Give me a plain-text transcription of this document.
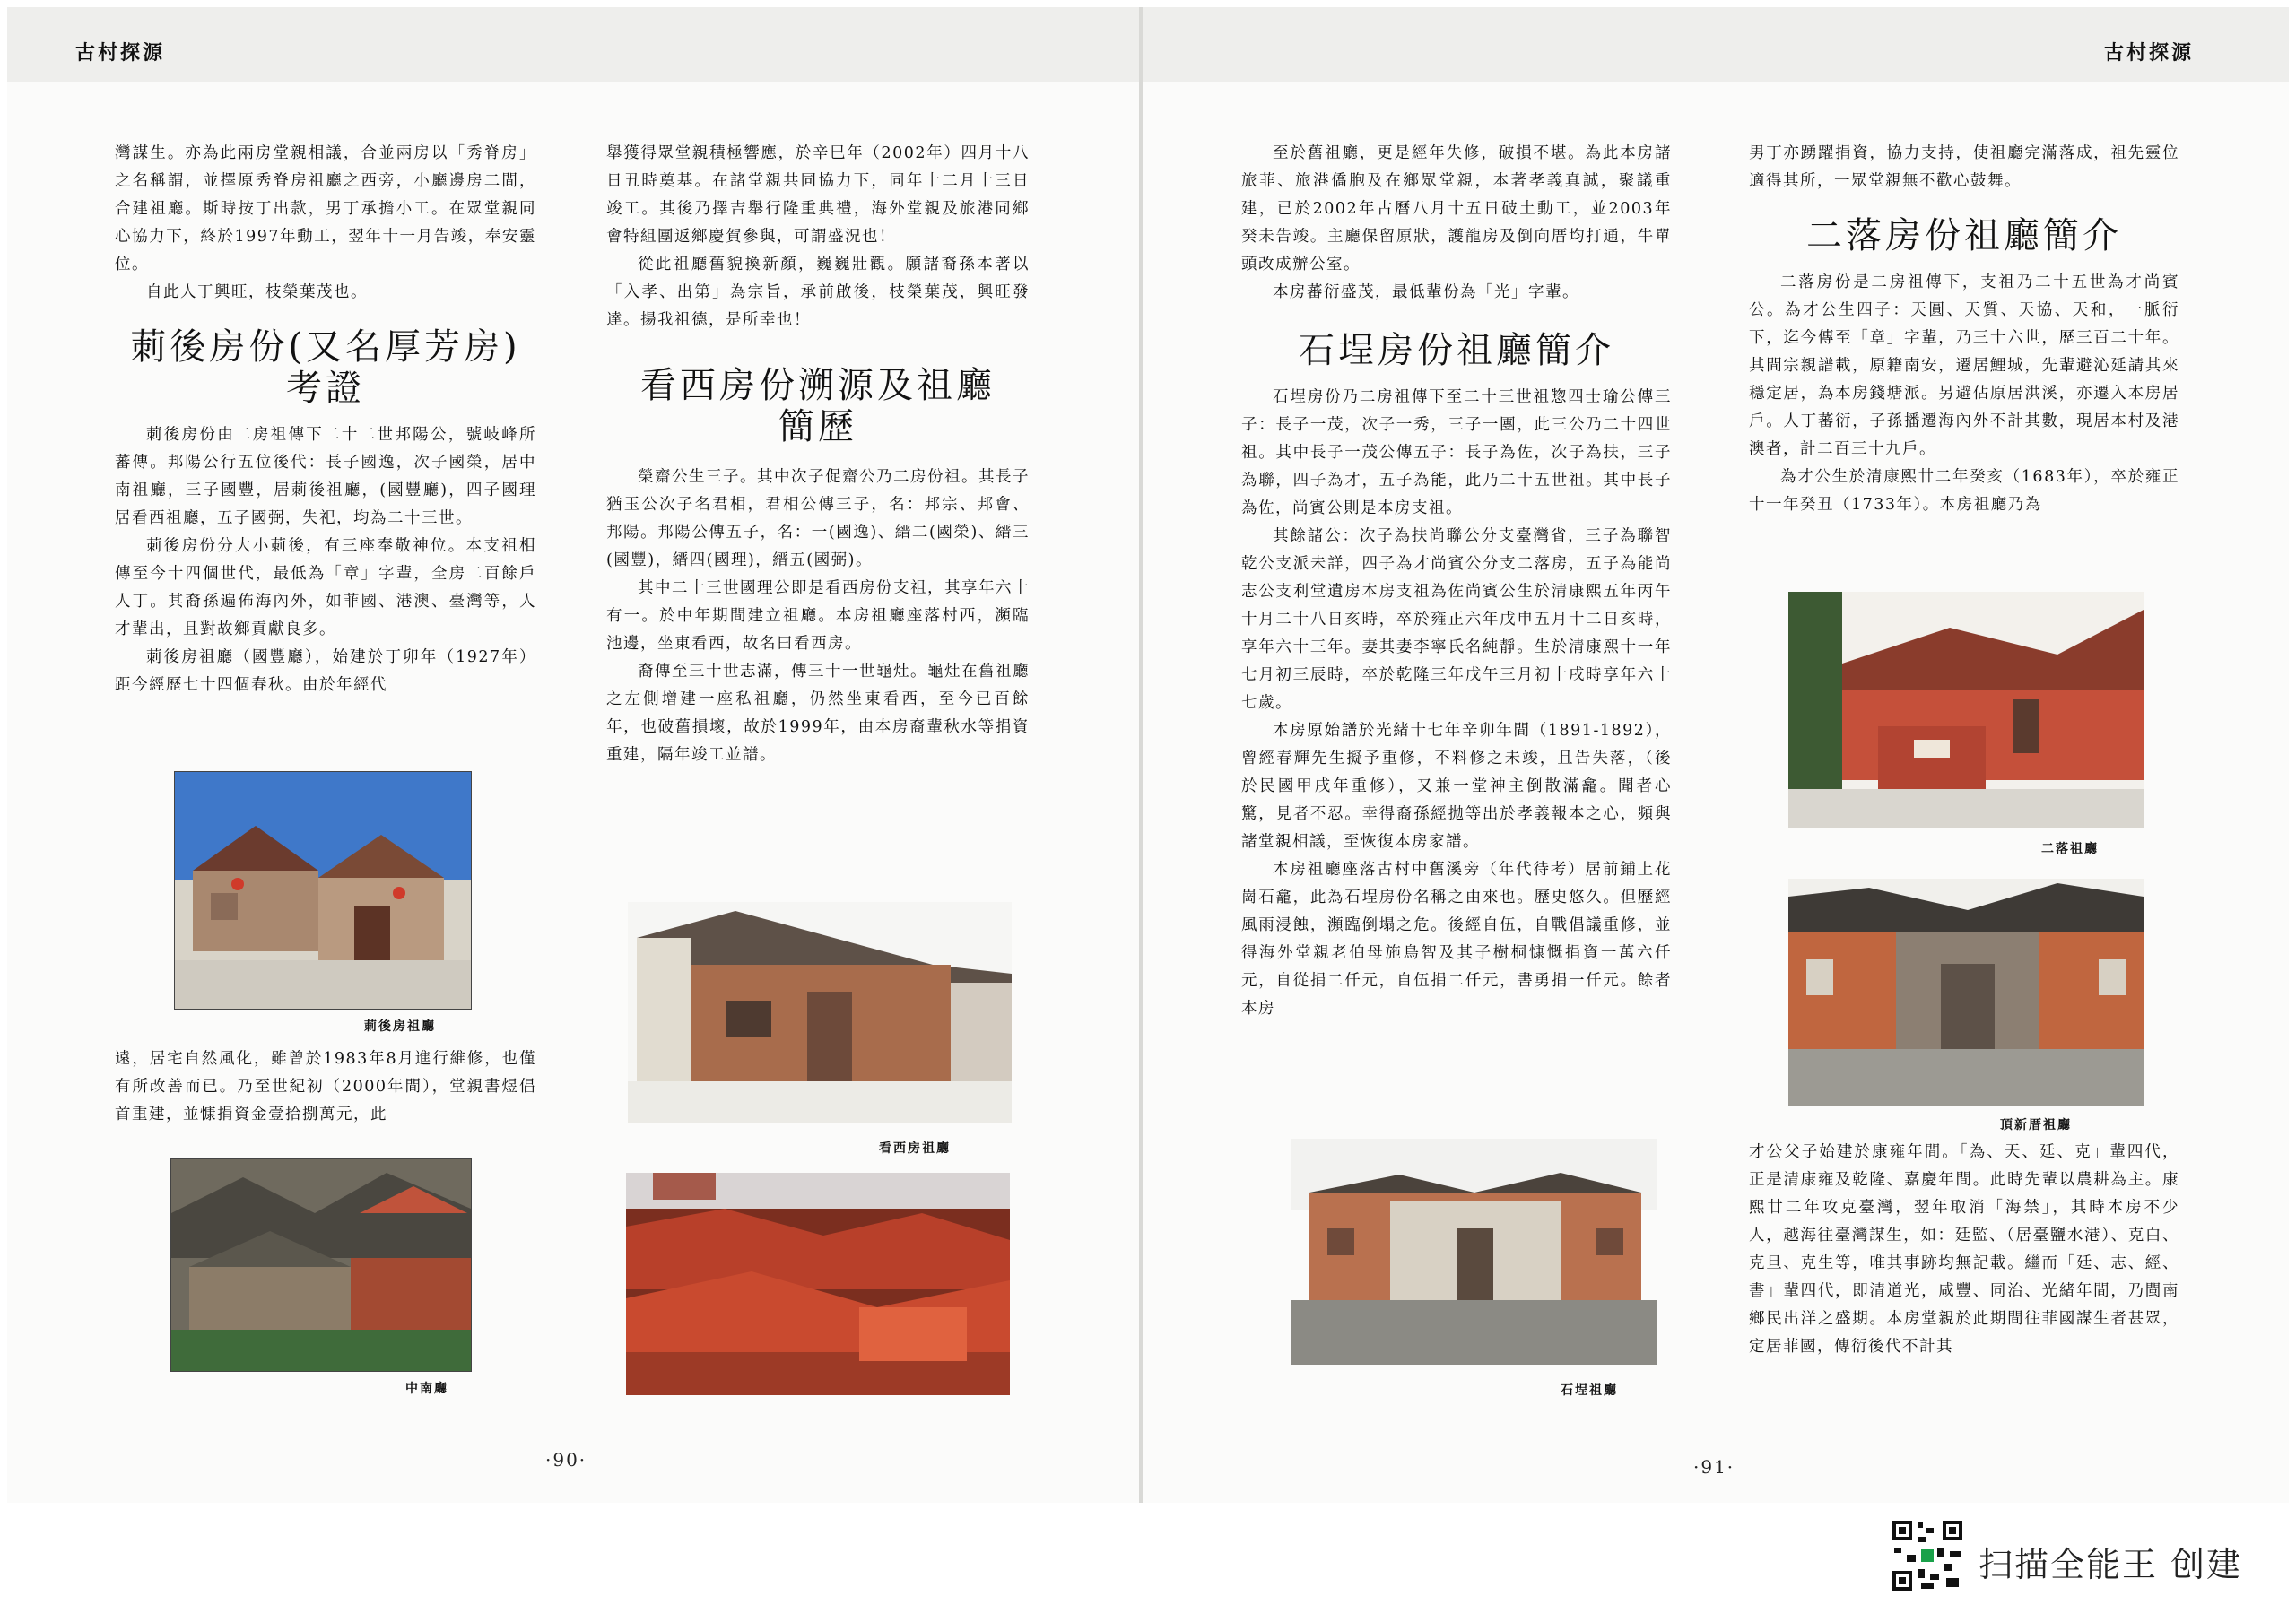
古村探源

灣謀生。亦為此兩房堂親相議，合並兩房以「秀脊房」之名稱謂，並擇原秀脊房祖廳之西旁，小廳邊房二間，合建祖廳。斯時按丁出款，男丁承擔小工。在眾堂親同心協力下，終於1997年動工，翌年十一月告竣，奉安靈位。

自此人丁興旺，枝榮葉茂也。

莿後房份(又名厚芳房)考證

莿後房份由二房祖傳下二十二世邦陽公，號岐峰所蕃傳。邦陽公行五位後代：長子國逸，次子國榮，居中南祖廳，三子國豐，居莿後祖廳，(國豐廳)，四子國理居看西祖廳，五子國弼，失祀，均為二十三世。

莿後房份分大小莿後，有三座奉敬神位。本支祖相傳至今十四個世代，最低為「章」字輩，全房二百餘戶人丁。其裔孫遍佈海內外，如菲國、港澳、臺灣等，人才輩出，且對故鄉貢獻良多。

莿後房祖廳（國豐廳），始建於丁卯年（1927年）距今經歷七十四個春秋。由於年經代

莿後房祖廳

遠，居宅自然風化，雖曾於1983年8月進行維修，也僅有所改善而已。乃至世紀初（2000年間），堂親書煜倡首重建，並慷捐資金壹拾捌萬元，此

中南廳

舉獲得眾堂親積極響應，於辛巳年（2002年）四月十八日丑時奠基。在諸堂親共同協力下，同年十二月十三日竣工。其後乃擇吉舉行隆重典禮，海外堂親及旅港同鄉會特組團返鄉慶賀參與，可謂盛況也！

從此祖廳舊貌換新顏，巍巍壯觀。願諸裔孫本著以「入孝、出第」為宗旨，承前啟後，枝榮葉茂，興旺發達。揚我祖德，是所幸也！

看西房份溯源及祖廳簡歷

榮齋公生三子。其中次子促齋公乃二房份祖。其長子猶玉公次子名君相，君相公傳三子，名：邦宗、邦會、邦陽。邦陽公傳五子，名：一(國逸)、縉二(國榮)、縉三(國豐)，縉四(國理)，縉五(國弼)。

其中二十三世國理公即是看西房份支祖，其享年六十有一。於中年期間建立祖廳。本房祖廳座落村西，瀕臨池邊，坐東看西，故名曰看西房。

裔傳至三十世志滿，傳三十一世龜灶。龜灶在舊祖廳之左側增建一座私祖廳，仍然坐東看西，至今已百餘年，也破舊損壞，故於1999年，由本房裔輩秋水等捐資重建，隔年竣工並譜。

看西房祖廳
·90·
古村探源

至於舊祖廳，更是經年失修，破損不堪。為此本房諸旅菲、旅港僑胞及在鄉眾堂親，本著孝義真誠，聚議重建，已於2002年古曆八月十五日破土動工，並2003年癸未告竣。主廳保留原狀，護龍房及倒向厝均打通，牛單頭改成辦公室。

本房蕃衍盛茂，最低輩份為「光」字輩。

石埕房份祖廳簡介

石埕房份乃二房祖傳下至二十三世祖惣四士瑜公傳三子：長子一茂，次子一秀，三子一團，此三公乃二十四世祖。其中長子一茂公傳五子：長子為佐，次子為扶，三子為聯，四子為才，五子為能，此乃二十五世祖。其中長子為佐，尚賓公則是本房支祖。

其餘諸公：次子為扶尚聯公分支臺灣省，三子為聯智乾公支派未詳，四子為才尚賓公分支二落房，五子為能尚志公支利堂遺房本房支祖為佐尚賓公生於清康熙五年丙午十月二十八日亥時，卒於雍正六年戊申五月十二日亥時，享年六十三年。妻其妻李寧氏名純靜。生於清康熙十一年七月初三辰時，卒於乾隆三年戊午三月初十戌時享年六十七歲。

本房原始譜於光緒十七年辛卯年間（1891-1892），曾經春輝先生擬予重修，不料修之未竣，且告失落，（後於民國甲戌年重修），又兼一堂神主倒散滿龕。聞者心驚，見者不忍。幸得裔孫經拋等出於孝義報本之心，頻與諸堂親相議，至恢復本房家譜。

本房祖廳座落古村中舊溪旁（年代待考）居前鋪上花崗石龕，此為石埕房份名稱之由來也。歷史悠久。但歷經風雨浸蝕，瀕臨倒塌之危。後經自伍，自戰倡議重修，並得海外堂親老伯母施鳥智及其子樹桐慷慨捐資一萬六仟元，自從捐二仟元，自伍捐二仟元，書勇捐一仟元。餘者本房

石埕祖廳

男丁亦踴躍捐資，協力支持，使祖廳完滿落成，祖先靈位適得其所，一眾堂親無不歡心鼓舞。

二落房份祖廳簡介

二落房份是二房祖傳下，支祖乃二十五世為才尚賓公。為才公生四子：天圓、天質、天協、天和，一脈衍下，迄今傳至「章」字輩，乃三十六世，歷三百二十年。其間宗親譜載，原籍南安，遷居鯉城，先輩避沁延請其來穩定居，為本房錢塘派。另避佔原居洪溪，亦遷入本房居戶。人丁蕃衍，子孫播遷海內外不計其數，現居本村及港澳者，計二百三十九戶。

為才公生於清康熙廿二年癸亥（1683年），卒於雍正十一年癸丑（1733年）。本房祖廳乃為

二落祖廳
頂新厝祖廳

才公父子始建於康雍年間。「為、天、廷、克」輩四代，正是清康雍及乾隆、嘉慶年間。此時先輩以農耕為主。康熙廿二年攻克臺灣，翌年取消「海禁」，其時本房不少人，越海往臺灣謀生，如：廷監、（居臺鹽水港）、克白、克旦、克生等，唯其事跡均無記載。繼而「廷、志、經、書」輩四代，即清道光，咸豐、同治、光緒年間，乃閩南鄉民出洋之盛期。本房堂親於此期間往菲國謀生者甚眾，定居菲國，傳衍後代不計其

·91·
扫描全能王 创建
